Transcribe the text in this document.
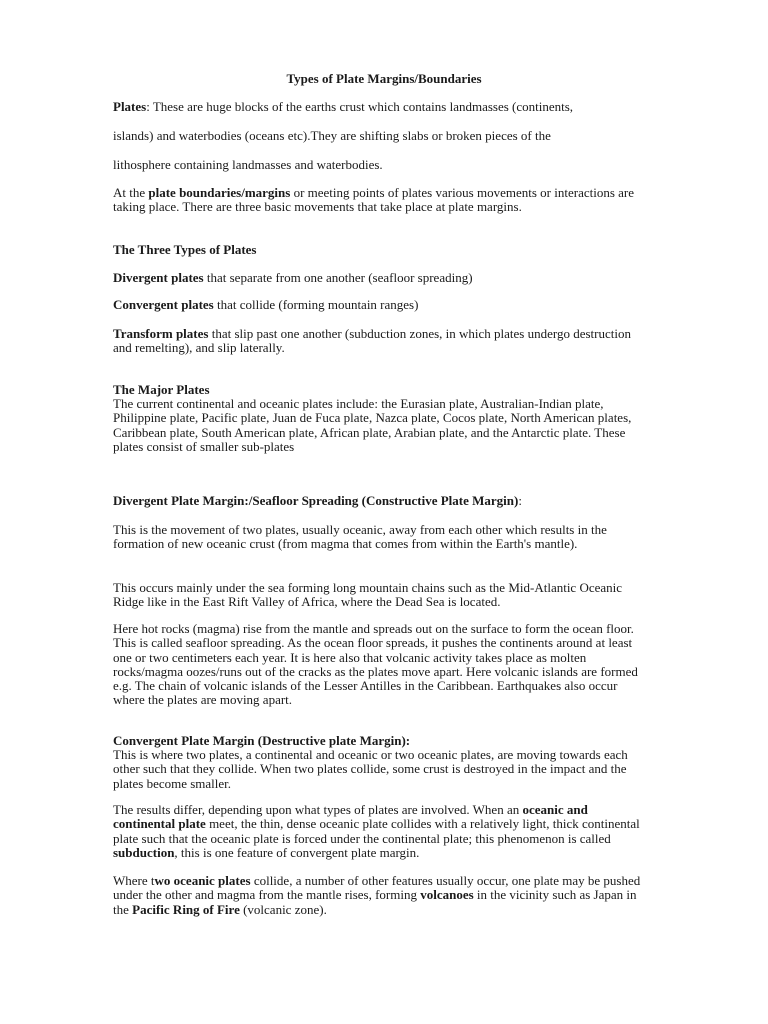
Types of Plate Margins/Boundaries

Plates: These are huge blocks of the earths crust which contains landmasses (continents,

islands) and waterbodies (oceans etc).They are shifting slabs or broken pieces of the

lithosphere containing landmasses and waterbodies.

At the plate boundaries/margins or meeting points of plates various movements or interactions are taking place. There are three basic movements that take place at plate margins.

The Three Types of Plates

Divergent plates that separate from one another (seafloor spreading)

Convergent plates that collide (forming mountain ranges)

Transform plates that slip past one another (subduction zones, in which plates undergo destruction and remelting), and slip laterally.

The Major Plates

The current continental and oceanic plates include: the Eurasian plate, Australian-Indian plate, Philippine plate, Pacific plate, Juan de Fuca plate, Nazca plate, Cocos plate, North American plates, Caribbean plate, South American plate, African plate, Arabian plate, and the Antarctic plate. These plates consist of smaller sub-plates

Divergent Plate Margin:/Seafloor Spreading (Constructive Plate Margin):

This is the movement of two plates, usually oceanic, away from each other which results in the formation of new oceanic crust (from magma that comes from within the Earth's mantle).

This occurs mainly under the sea forming long mountain chains such as the Mid-Atlantic Oceanic Ridge like in the East Rift Valley of Africa, where the Dead Sea is located.

Here hot rocks (magma) rise from the mantle and spreads out on the surface to form the ocean floor. This is called seafloor spreading. As the ocean floor spreads, it pushes the continents around at least one or two centimeters each year. It is here also that volcanic activity takes place as molten rocks/magma oozes/runs out of the cracks as the plates move apart. Here volcanic islands are formed e.g. The chain of volcanic islands of the Lesser Antilles in the Caribbean. Earthquakes also occur where the plates are moving apart.

Convergent Plate Margin (Destructive plate Margin):

This is where two plates, a continental and oceanic or two oceanic plates, are moving towards each other such that they collide. When two plates collide, some crust is destroyed in the impact and the plates become smaller.

The results differ, depending upon what types of plates are involved. When an oceanic and continental plate meet, the thin, dense oceanic plate collides with a relatively light, thick continental plate such that the oceanic plate is forced under the continental plate; this phenomenon is called subduction, this is one feature of convergent plate margin.

Where two oceanic plates collide, a number of other features usually occur, one plate may be pushed under the other and magma from the mantle rises, forming volcanoes in the vicinity such as Japan in the Pacific Ring of Fire (volcanic zone).
